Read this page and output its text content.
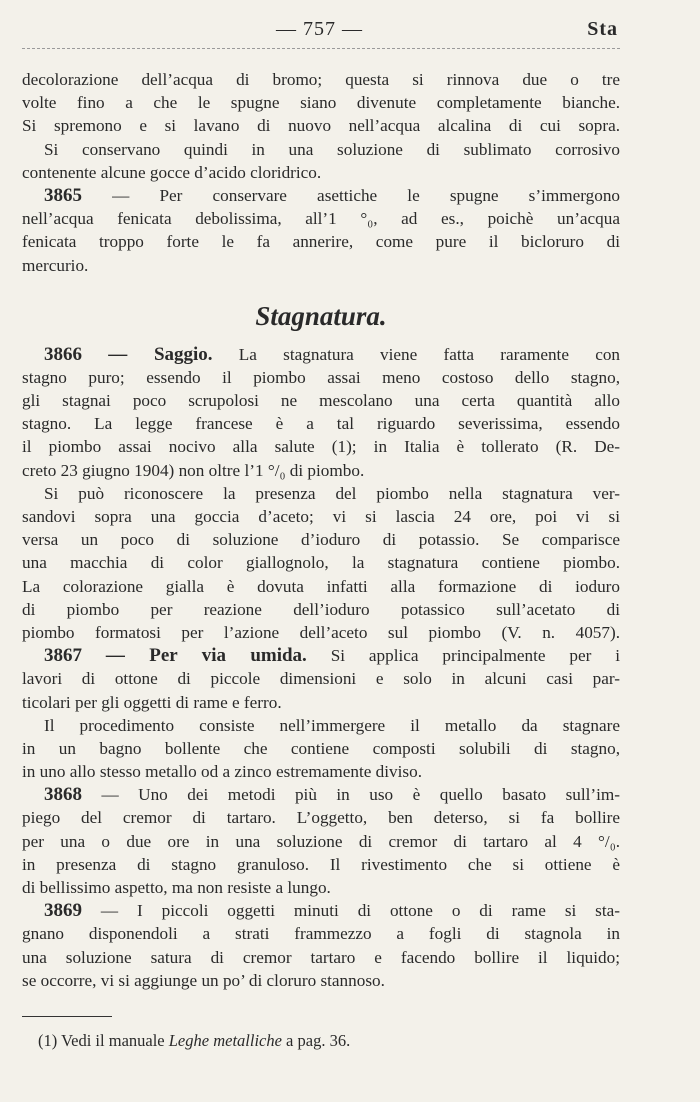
— 757 —	Sta
decolorazione dell’acqua di bromo; questa si rinnova due o tre
volte fino a che le spugne siano divenute completamente bianche.
Si spremono e si lavano di nuovo nell’acqua alcalina di cui sopra.
Si conservano quindi in una soluzione di sublimato corrosivo
contenente alcune gocce d’acido cloridrico.
3865 — Per conservare asettiche le spugne s’immergono
nell’acqua fenicata debolissima, all’1 °₀, ad es., poichè un’acqua
fenicata troppo forte le fa annerire, come pure il bicloruro di
mercurio.
Stagnatura.
3866 — Saggio. La stagnatura viene fatta raramente con
stagno puro; essendo il piombo assai meno costoso dello stagno,
gli stagnai poco scrupolosi ne mescolano una certa quantità allo
stagno. La legge francese è a tal riguardo severissima, essendo
il piombo assai nocivo alla salute (1); in Italia è tollerato (R. De-
creto 23 giugno 1904) non oltre l’1 °/₀ di piombo.
Si può riconoscere la presenza del piombo nella stagnatura ver-
sandovi sopra una goccia d’aceto; vi si lascia 24 ore, poi vi si
versa un poco di soluzione d’ioduro di potassio. Se comparisce
una macchia di color giallognolo, la stagnatura contiene piombo.
La colorazione gialla è dovuta infatti alla formazione di ioduro
di piombo per reazione dell’ioduro potassico sull’acetato di
piombo formatosi per l’azione dell’aceto sul piombo (V. n. 4057).
3867 — Per via umida. Si applica principalmente per i
lavori di ottone di piccole dimensioni e solo in alcuni casi par-
ticolari per gli oggetti di rame e ferro.
Il procedimento consiste nell’immergere il metallo da stagnare
in un bagno bollente che contiene composti solubili di stagno,
in uno allo stesso metallo od a zinco estremamente diviso.
3868 — Uno dei metodi più in uso è quello basato sull’im-
piego del cremor di tartaro. L’oggetto, ben deterso, si fa bollire
per una o due ore in una soluzione di cremor di tartaro al 4 °/₀.
in presenza di stagno granuloso. Il rivestimento che si ottiene è
di bellissimo aspetto, ma non resiste a lungo.
3869 — I piccoli oggetti minuti di ottone o di rame si sta-
gnano disponendoli a strati frammezzo a fogli di stagnola in
una soluzione satura di cremor tartaro e facendo bollire il liquido;
se occorre, vi si aggiunge un po’ di cloruro stannoso.
(1) Vedi il manuale Leghe metalliche a pag. 36.
